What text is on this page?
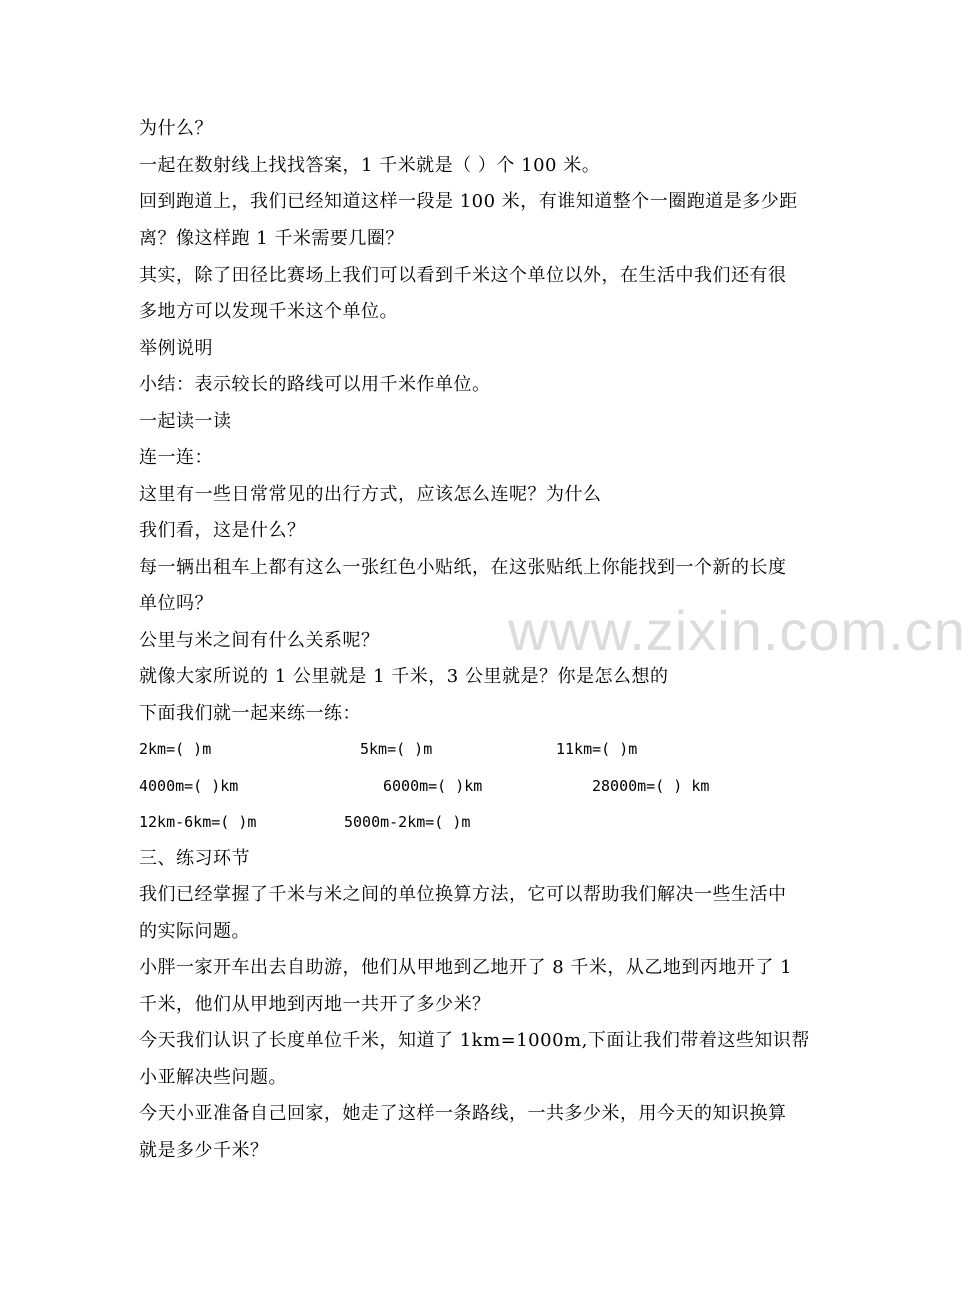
www.zixin.com.cn
为什么？
一起在数射线上找找答案，1 千米就是（ ）个 100 米。
回到跑道上，我们已经知道这样一段是 100 米，有谁知道整个一圈跑道是多少距
离？像这样跑 1 千米需要几圈？
其实，除了田径比赛场上我们可以看到千米这个单位以外，在生活中我们还有很
多地方可以发现千米这个单位。
举例说明
小结：表示较长的路线可以用千米作单位。
一起读一读
连一连：
这里有一些日常常见的出行方式，应该怎么连呢？为什么
我们看，这是什么？
每一辆出租车上都有这么一张红色小贴纸，在这张贴纸上你能找到一个新的长度
单位吗？
公里与米之间有什么关系呢？
就像大家所说的 1 公里就是 1 千米，3 公里就是？你是怎么想的
下面我们就一起来练一练：
2km=( )m	5km=( )m	11km=( )m
4000m=( )km	6000m=( )km	28000m=( ) km
12km-6km=( )m	5000m-2km=( )m
三、练习环节
我们已经掌握了千米与米之间的单位换算方法，它可以帮助我们解决一些生活中
的实际问题。
小胖一家开车出去自助游，他们从甲地到乙地开了 8 千米，从乙地到丙地开了 1
千米，他们从甲地到丙地一共开了多少米？
今天我们认识了长度单位千米，知道了 1km=1000m,下面让我们带着这些知识帮
小亚解决些问题。
今天小亚准备自己回家，她走了这样一条路线，一共多少米，用今天的知识换算
就是多少千米？
